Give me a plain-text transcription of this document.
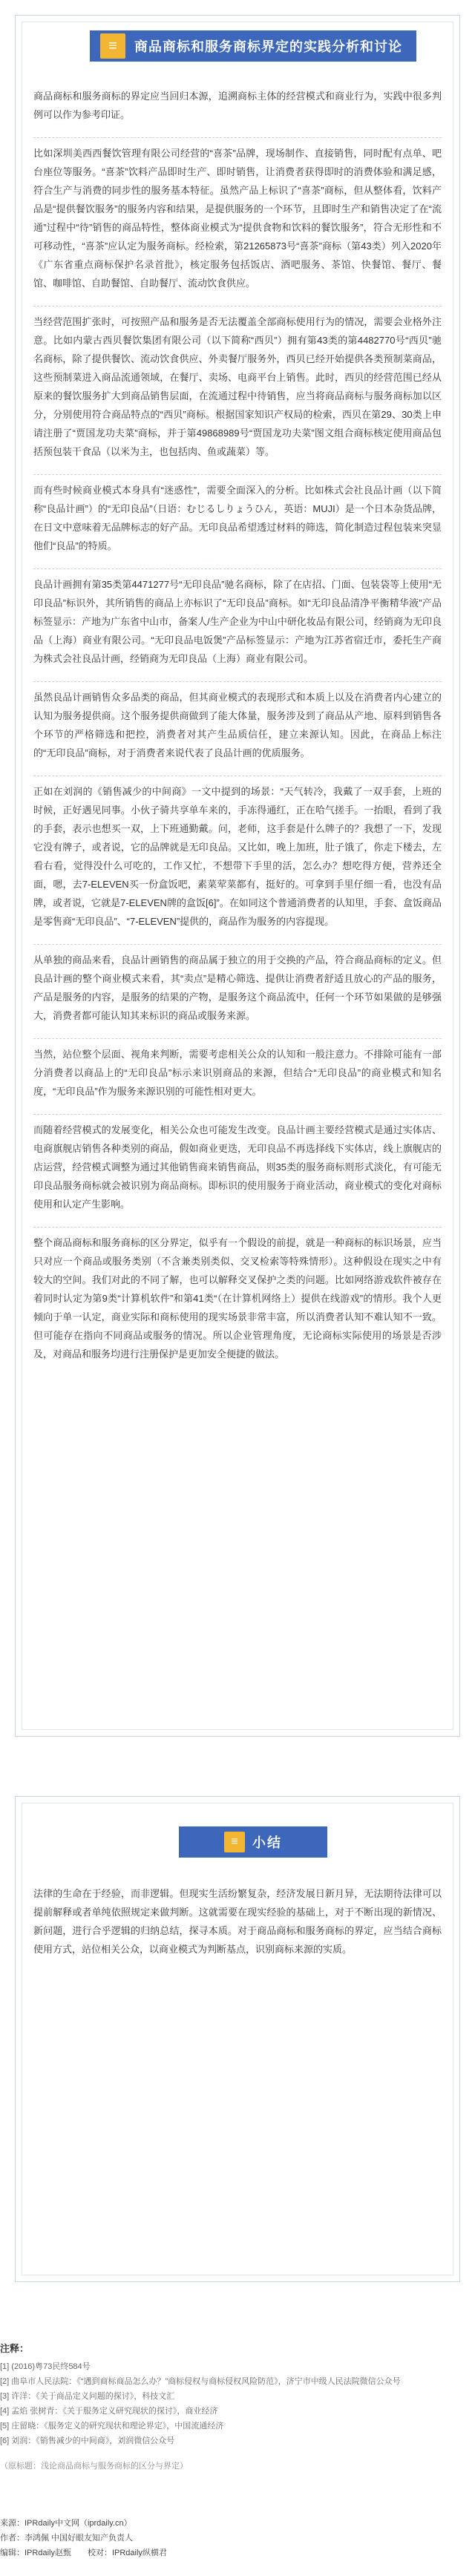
≡	商品商标和服务商标界定的实践分析和讨论

商品商标和服务商标的界定应当回归本源，追溯商标主体的经营模式和商业行为，实践中很多判例可以作为参考印证。

比如深圳美西西餐饮管理有限公司经营的“喜茶”品牌，现场制作、直接销售，同时配有点单、吧台座位等服务。“喜茶”饮料产品即时生产、即时销售，让消费者获得即时的消费体验和满足感，符合生产与消费的同步性的服务基本特征。虽然产品上标识了“喜茶”商标，但从整体看，饮料产品是“提供餐饮服务”的服务内容和结果，是提供服务的一个环节，且即时生产和销售决定了在“流通”过程中“待”销售的商品特性，整体商业模式为“提供食物和饮料的餐饮服务”，符合无形性和不可移动性，“喜茶”应认定为服务商标。经检索，第21265873号“喜茶”商标（第43类）列入2020年《广东省重点商标保护名录首批》，核定服务包括饭店、酒吧服务、茶馆、快餐馆、餐厅、餐馆、咖啡馆、自助餐馆、自助餐厅、流动饮食供应。

当经营范围扩张时，可按照产品和服务是否无法覆盖全部商标使用行为的情况，需要会业格外注意。比如内蒙古西贝餐饮集团有限公司（以下简称“西贝”）拥有第43类的第4482770号“西贝”驰名商标，除了提供餐饮、流动饮食供应、外卖餐厅服务外，西贝已经开始提供各类预制菜商品，这些预制菜进入商品流通领域，在餐厅、卖场、电商平台上销售。此时，西贝的经营范围已经从原来的餐饮服务扩大到商品销售层面，在流通过程中待销售，应当将商品商标与服务商标加以区分，分别使用符合商品特点的“西贝”商标。根据国家知识产权局的检索，西贝在第29、30类上申请注册了“贾国龙功夫菜”商标，并于第49868989号“贾国龙功夫菜”图文组合商标核定使用商品包括预包装干食品（以米为主，也包括肉、鱼或蔬菜）等。

而有些时候商业模式本身具有“迷惑性”，需要全面深入的分析。比如株式会社良品计画（以下简称“良品计画”）的“无印良品”（日语：むじるしりょうひん，英语：MUJI）是一个日本杂货品牌，在日文中意味着无品牌标志的好产品。无印良品希望透过材料的筛选，简化制造过程包装来突显他们“良品”的特质。

良品计画拥有第35类第4471277号“无印良品”驰名商标，除了在店招、门面、包装袋等上使用“无印良品”标识外，其所销售的商品上亦标识了“无印良品”商标。如“无印良品清净平衡精华液”产品标签显示：产地为广东省中山市，备案人/生产企业为中山中研化妆品有限公司，经销商为无印良品（上海）商业有限公司。“无印良品电饭煲”产品标签显示：产地为江苏省宿迁市，委托生产商为株式会社良品计画，经销商为无印良品（上海）商业有限公司。

虽然良品计画销售众多品类的商品，但其商业模式的表现形式和本质上以及在消费者内心建立的认知为服务提供商。这个服务提供商做到了能大体量，服务涉及到了商品从产地、原料到销售各个环节的严格筛选和把控，消费者对其产生品质信任，建立来源认知。因此，在商品上标注的“无印良品”商标，对于消费者来说代表了良品计画的优质服务。

正如在刘润的《销售减少的中间商》一文中提到的场景：“天气转冷，我戴了一双手套，上班的时候，正好遇见同事。小伙子骑共享单车来的，手冻得通红，正在哈气搓手。一抬眼，看到了我的手套，表示也想买一双，上下班通勤戴。问，老师，这手套是什么牌子的？我想了一下，发现它没有牌子，或者说，它的品牌就是无印良品。又比如，晚上加班，肚子饿了，你走下楼去，左看右看，觉得没什么可吃的，工作又忙，不想带下手里的活，怎么办？想吃得方便，营养还全面，嗯，去7-ELEVEN买一份盒饭吧，素菜荤菜都有，挺好的。可拿到手里仔细一看，也没有品牌，或者说，它就是7-ELEVEN牌的盒饭[6]”。在如同这个普通消费者的认知里，手套、盒饭商品是零售商“无印良品”、“7-ELEVEN”提供的，商品作为服务的内容提现。

从单独的商品来看，良品计画销售的商品属于独立的用于交换的产品，符合商品商标的定义。但良品计画的整个商业模式来看，其“卖点”是精心筛选、提供让消费者舒适且放心的产品的服务，产品是服务的内容，是服务的结果的产物，是服务这个商品流中，任何一个环节如果做的是够强大，消费者都可能认知其来标识的商品或服务来源。

当然，站位整个层面、视角来判断，需要考虑相关公众的认知和一般注意力。不排除可能有一部分消费者以商品上的“无印良品”标示来识别商品的来源，但结合“无印良品”的商业模式和知名度，“无印良品”作为服务来源识别的可能性相对更大。

而随着经营模式的发展变化，相关公众也可能发生改变。良品计画主要经营模式是通过实体店、电商旗舰店销售各种类别的商品，假如商业更迭，无印良品不再选择线下实体店，线上旗舰店的店运营，经营模式调整为通过其他销售商来销售商品，则35类的服务商标则形式淡化，有可能无印良品服务商标就会被识别为商品商标。即标识的使用服务于商业活动，商业模式的变化对商标使用和认定产生影响。

整个商品商标和服务商标的区分界定，似乎有一个假设的前提，就是一种商标的标识场景，应当只对应一个商品或服务类别（不含兼类别类似、交叉检索等特殊情形）。这种假设在现实之中有较大的空间。我们对此的不同了解，也可以解释交叉保护之类的问题。比如网络游戏软件被存在着同时认定为第9类“计算机软件”和第41类“（在计算机网络上）提供在线游戏”的情形。我个人更倾向于单一认定，商业实际和商标使用的现实场景非常丰富，所以消费者认知不难认知不一致。但可能存在指向不同商品或服务的情况。所以企业管理角度，无论商标实际使用的场景是否涉及，对商品和服务均进行注册保护是更加安全便捷的做法。

≡	小结
法律的生命在于经验，而非逻辑。但现实生活纷繁复杂，经济发展日新月异，无法期待法律可以提前解释或者单纯依照规定来做判断。这就需要在现实经验的基础上，对于不断出现的新情况、新问题，进行合乎逻辑的归纳总结，探寻本质。对于商品商标和服务商标的界定，应当结合商标使用方式，站位相关公众，以商业模式为判断基点，识别商标来源的实质。
注释：
[1] (2016)粤73民终584号
[2] 曲阜市人民法院：《“遇到商标商品怎么办？”商标侵权与商标侵权风险防范》，济宁市中级人民法院微信公众号
[3] 许洋：《关于商品定义问题的探讨》，科技文汇
[4] 孟焰 张树青：《关于服务定义研究现状的探讨》，商业经济
[5] 庄留晓：《服务定义的研究现状和理论界定》，中国流通经济
[6] 刘润：《销售减少的中间商》，刘润微信公众号
（原标题：浅论商品商标与服务商标的区分与界定）
来源：IPRdaily中文网（iprdaily.cn）
作者：李鸿佩 中国好眼友知产负责人
编辑：IPRdaily赵甄　　校对：IPRdaily纵横君
